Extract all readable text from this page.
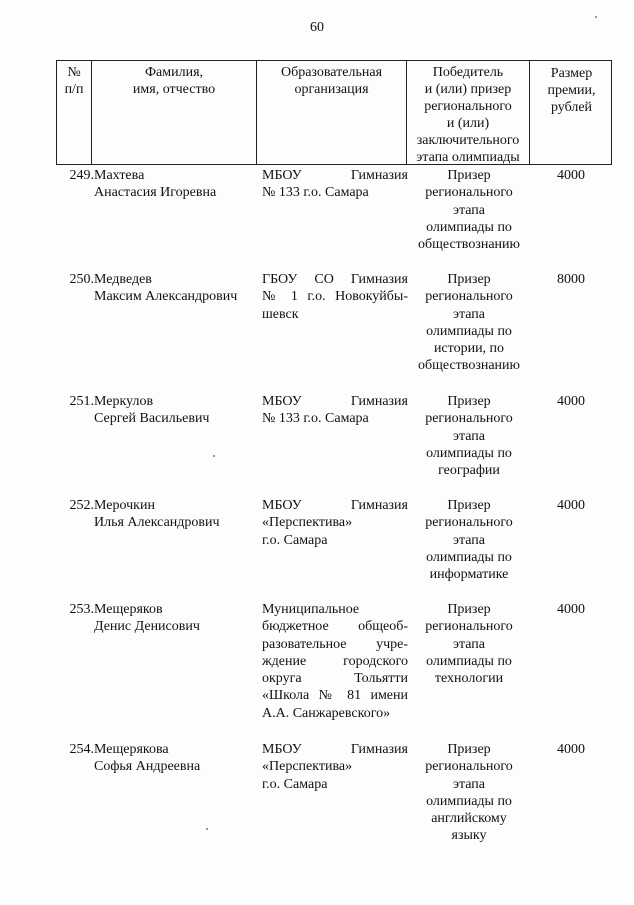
60
№
п/п
Фамилия,
имя, отчество
Образовательная
организация
Победитель
и (или) призер
регионального
и (или)
заключительного
этапа олимпиады
Размер
премии,
рублей
249. Махтева
Анастасия Игоревна
МБОУ Гимназия
№ 133 г.о. Самара
Призер
регионального
этапа
олимпиады по
обществознанию
4000
250. Медведев
Максим Александрович
ГБОУ СО Гимназия
№ 1 г.о. Новокуйбы-
шевск
Призер
регионального
этапа
олимпиады по
истории, по
обществознанию
8000
251. Меркулов
Сергей Васильевич
МБОУ Гимназия
№ 133 г.о. Самара
Призер
регионального
этапа
олимпиады по
географии
4000
252. Мерочкин
Илья Александрович
МБОУ Гимназия
«Перспектива»
г.о. Самара
Призер
регионального
этапа
олимпиады по
информатике
4000
253. Мещеряков
Денис Денисович
Муниципальное
бюджетное общеоб-
разовательное учре-
ждение городского
округа Тольятти
«Школа № 81 имени
А.А. Санжаревского»
Призер
регионального
этапа
олимпиады по
технологии
4000
254. Мещерякова
Софья Андреевна
МБОУ Гимназия
«Перспектива»
г.о. Самара
Призер
регионального
этапа
олимпиады по
английскому
языку
4000
